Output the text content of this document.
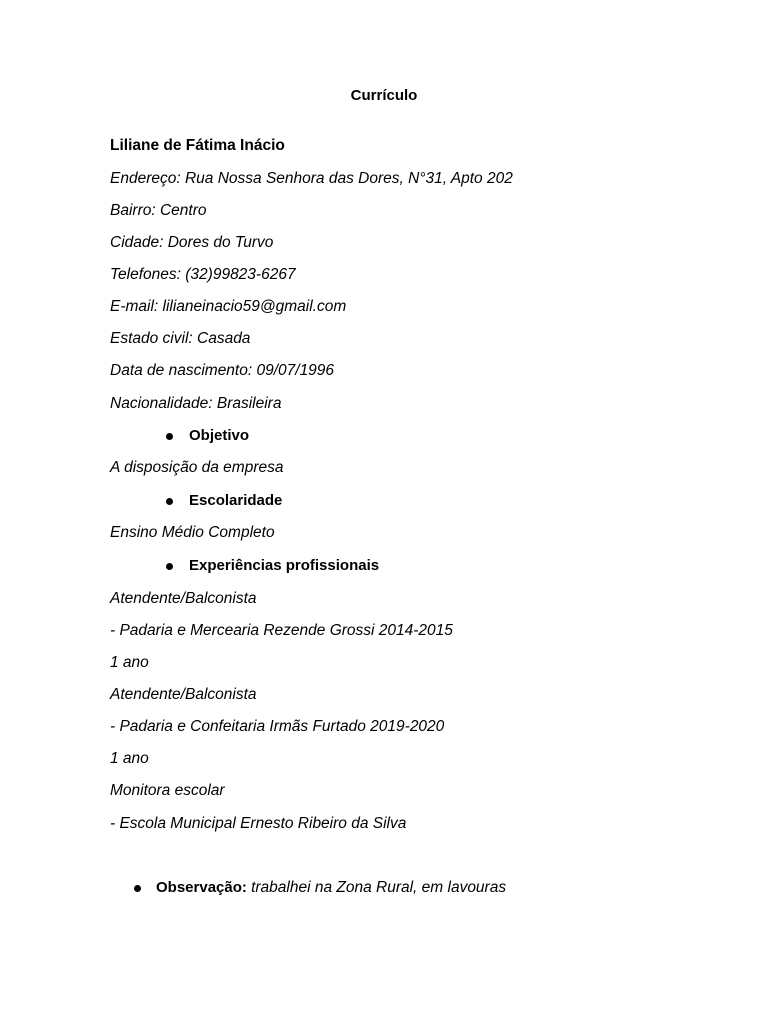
Currículo
Liliane de Fátima Inácio
Endereço: Rua Nossa Senhora das Dores, N°31, Apto 202
Bairro: Centro
Cidade: Dores do Turvo
Telefones: (32)99823-6267
E-mail: lilianeinacio59@gmail.com
Estado civil: Casada
Data de nascimento: 09/07/1996
Nacionalidade: Brasileira
Objetivo
A disposição da empresa
Escolaridade
Ensino Médio Completo
Experiências profissionais
Atendente/Balconista
- Padaria e Mercearia Rezende Grossi 2014-2015
1 ano
Atendente/Balconista
- Padaria e Confeitaria Irmãs Furtado 2019-2020
1 ano
Monitora escolar
- Escola Municipal Ernesto Ribeiro da Silva
Observação: trabalhei na Zona Rural, em lavouras
